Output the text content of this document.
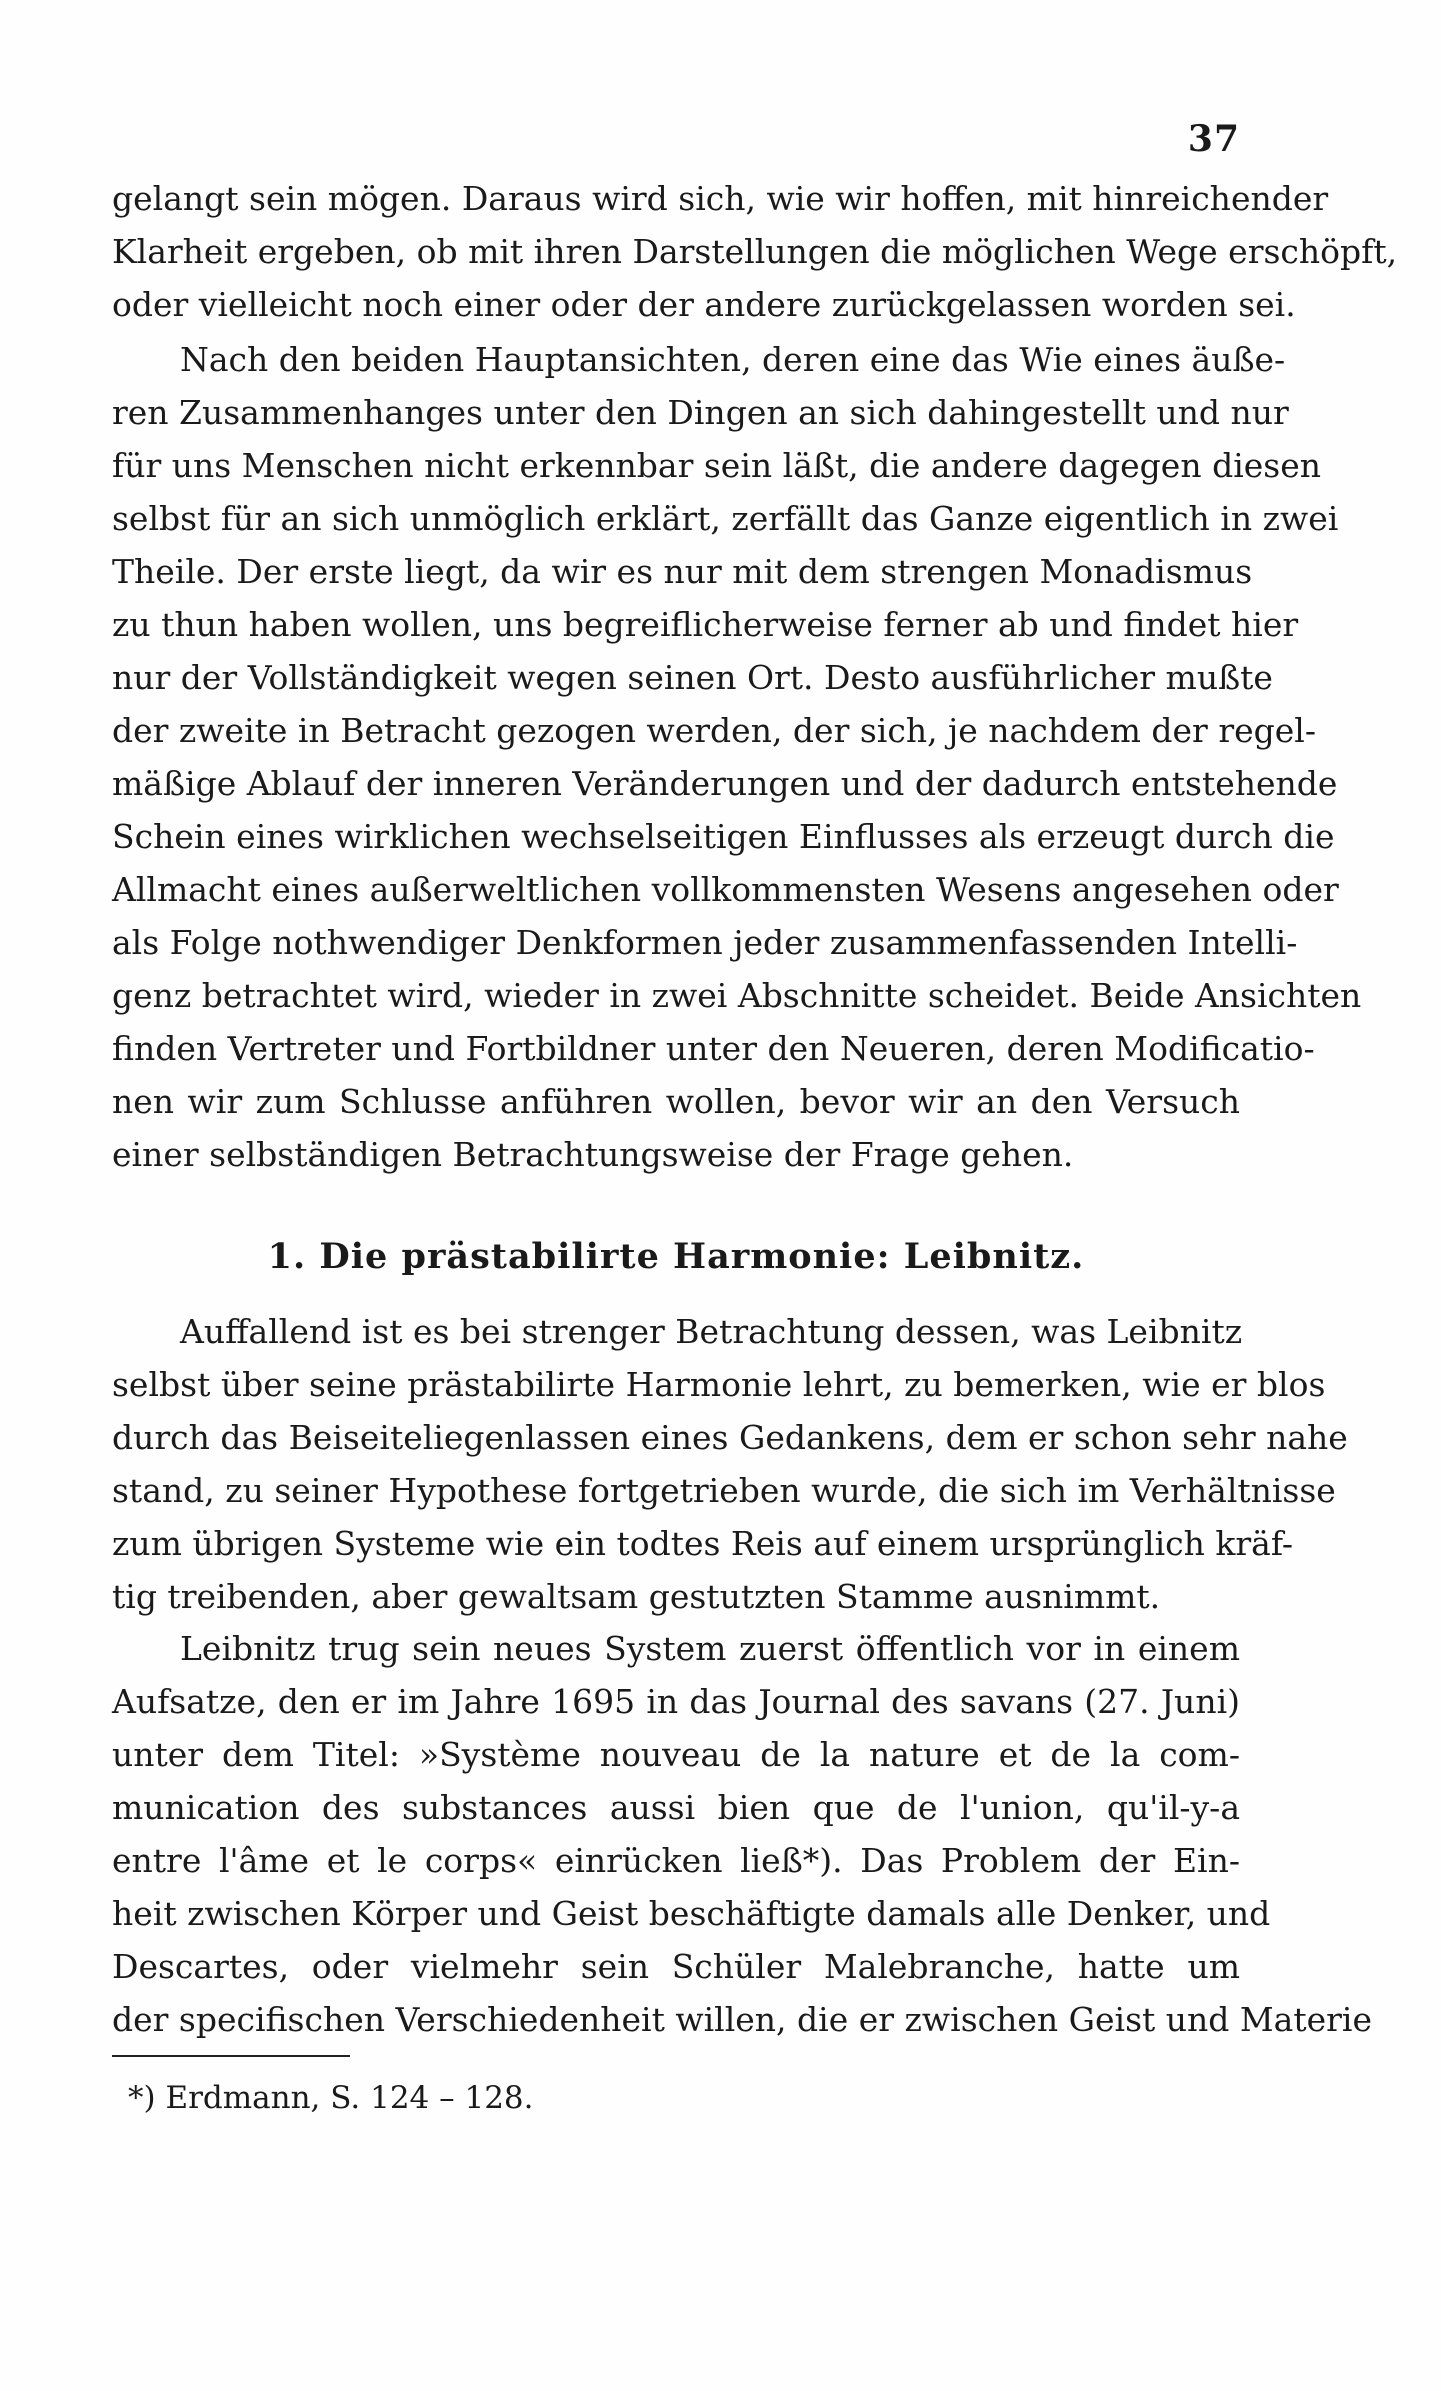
37
gelangt sein mögen. Daraus wird sich, wie wir hoffen, mit hinreichender
Klarheit ergeben, ob mit ihren Darstellungen die möglichen Wege erschöpft,
oder vielleicht noch einer oder der andere zurückgelassen worden sei.
Nach den beiden Hauptansichten, deren eine das Wie eines äuße-
ren Zusammenhanges unter den Dingen an sich dahingestellt und nur
für uns Menschen nicht erkennbar sein läßt, die andere dagegen diesen
selbst für an sich unmöglich erklärt, zerfällt das Ganze eigentlich in zwei
Theile. Der erste liegt, da wir es nur mit dem strengen Monadismus
zu thun haben wollen, uns begreiflicherweise ferner ab und findet hier
nur der Vollständigkeit wegen seinen Ort. Desto ausführlicher mußte
der zweite in Betracht gezogen werden, der sich, je nachdem der regel-
mäßige Ablauf der inneren Veränderungen und der dadurch entstehende
Schein eines wirklichen wechselseitigen Einflusses als erzeugt durch die
Allmacht eines außerweltlichen vollkommensten Wesens angesehen oder
als Folge nothwendiger Denkformen jeder zusammenfassenden Intelli-
genz betrachtet wird, wieder in zwei Abschnitte scheidet. Beide Ansichten
finden Vertreter und Fortbildner unter den Neueren, deren Modificatio-
nen wir zum Schlusse anführen wollen, bevor wir an den Versuch
einer selbständigen Betrachtungsweise der Frage gehen.
1. Die prästabilirte Harmonie: Leibnitz.
Auffallend ist es bei strenger Betrachtung dessen, was Leibnitz
selbst über seine prästabilirte Harmonie lehrt, zu bemerken, wie er blos
durch das Beiseiteliegenlassen eines Gedankens, dem er schon sehr nahe
stand, zu seiner Hypothese fortgetrieben wurde, die sich im Verhältnisse
zum übrigen Systeme wie ein todtes Reis auf einem ursprünglich kräf-
tig treibenden, aber gewaltsam gestutzten Stamme ausnimmt.
Leibnitz trug sein neues System zuerst öffentlich vor in einem
Aufsatze, den er im Jahre 1695 in das Journal des savans (27. Juni)
unter dem Titel: »Système nouveau de la nature et de la com-
munication des substances aussi bien que de l'union, qu'il-y-a
entre l'âme et le corps« einrücken ließ*). Das Problem der Ein-
heit zwischen Körper und Geist beschäftigte damals alle Denker, und
Descartes, oder vielmehr sein Schüler Malebranche, hatte um
der specifischen Verschiedenheit willen, die er zwischen Geist und Materie
*) Erdmann, S. 124 – 128.
